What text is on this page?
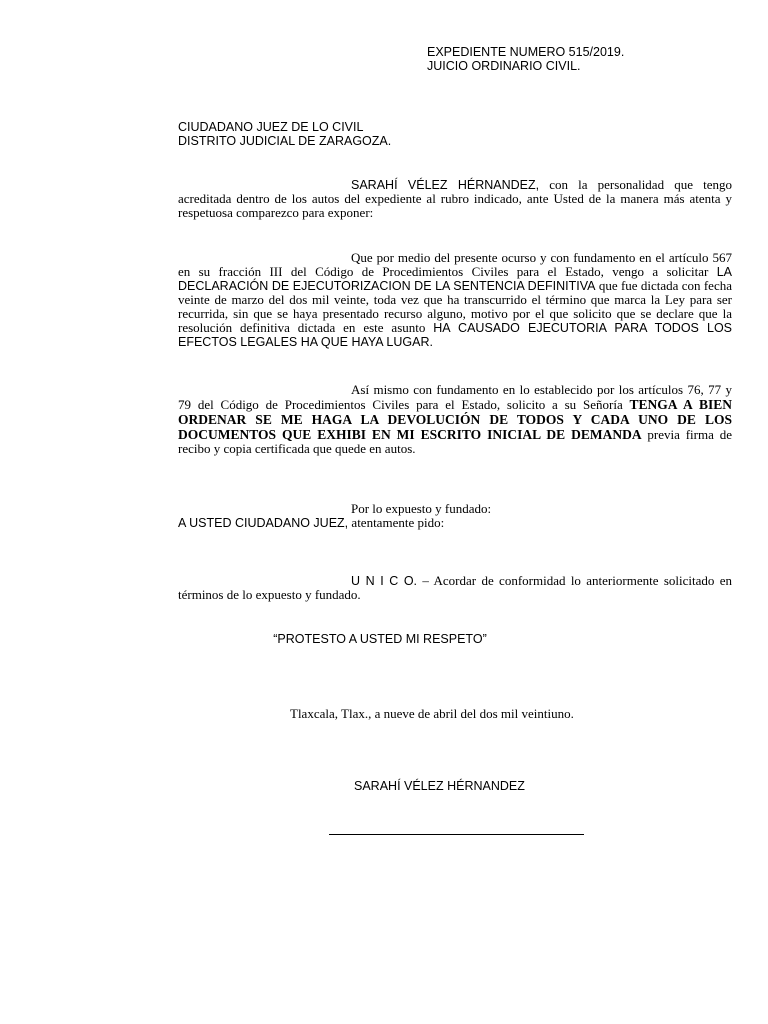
EXPEDIENTE NUMERO 515/2019.
JUICIO ORDINARIO CIVIL.
CIUDADANO JUEZ DE LO CIVIL
DISTRITO JUDICIAL DE ZARAGOZA.

SARAHÍ VÉLEZ HÉRNANDEZ, con la personalidad que tengo acreditada dentro de los autos del expediente al rubro indicado, ante Usted de la manera más atenta y respetuosa comparezco para exponer:

Que por medio del presente ocurso y con fundamento en el artículo 567 en su fracción III del Código de Procedimientos Civiles para el Estado, vengo a solicitar LA DECLARACIÓN DE EJECUTORIZACION DE LA SENTENCIA DEFINITIVA que fue dictada con fecha veinte de marzo del dos mil veinte, toda vez que ha transcurrido el término que marca la Ley para ser recurrida, sin que se haya presentado recurso alguno, motivo por el que solicito que se declare que la resolución definitiva dictada en este asunto HA CAUSADO EJECUTORIA PARA TODOS LOS EFECTOS LEGALES HA QUE HAYA LUGAR.

Así mismo con fundamento en lo establecido por los artículos 76, 77 y 79 del Código de Procedimientos Civiles para el Estado, solicito a su Señoría TENGA A BIEN ORDENAR SE ME HAGA LA DEVOLUCIÓN DE TODOS Y CADA UNO DE LOS DOCUMENTOS QUE EXHIBI EN MI ESCRITO INICIAL DE DEMANDA previa firma de recibo y copia certificada que quede en autos.

Por lo expuesto y fundado:
A USTED CIUDADANO JUEZ, atentamente pido:

U N I C O. – Acordar de conformidad lo anteriormente solicitado en términos de lo expuesto y fundado.

“PROTESTO A USTED MI RESPETO”
Tlaxcala, Tlax., a nueve de abril del dos mil veintiuno.
SARAHÍ VÉLEZ HÉRNANDEZ
